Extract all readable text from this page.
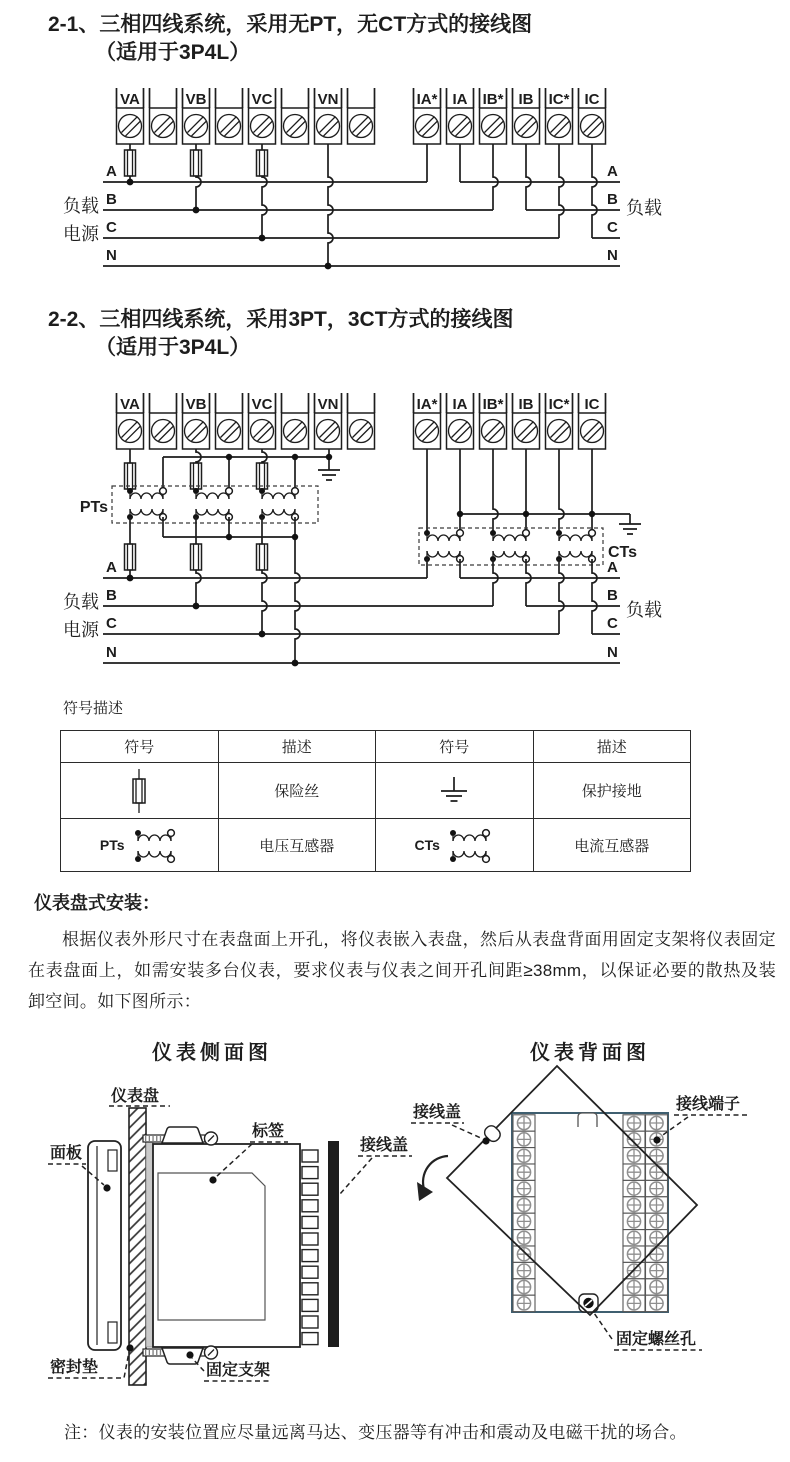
2-1、三相四线系统，采用无PT，无CT方式的接线图
（适用于3P4L）
VA	VB	VC	VN	IA* IA IB* IB IC* IC
A
B
C
N
A
B
C
N
负载
电源
负载
2-2、三相四线系统，采用3PT，3CT方式的接线图
（适用于3P4L）
VA	VB	VC	VN	IA* IA IB* IB IC* IC
PTs
CTs
A
B
C
N
A
B
C
N
负载
电源
负载
符号描述
符号	描述	符号	描述

	保险丝		保护接地

PTs	电压互感器	CTs	电流互感器
仪表盘式安装：
根据仪表外形尺寸在表盘面上开孔，将仪表嵌入表盘，然后从表盘背面用固定支架将仪表固定在表盘面上，如需安装多台仪表，要求仪表与仪表之间开孔间距≥38mm，以保证必要的散热及装卸空间。如下图所示：
仪表侧面图	仪表背面图
仪表盘
面板
标签
接线盖
密封垫	固定支架
接线盖	接线端子
固定螺丝孔
注：仪表的安装位置应尽量远离马达、变压器等有冲击和震动及电磁干扰的场合。
